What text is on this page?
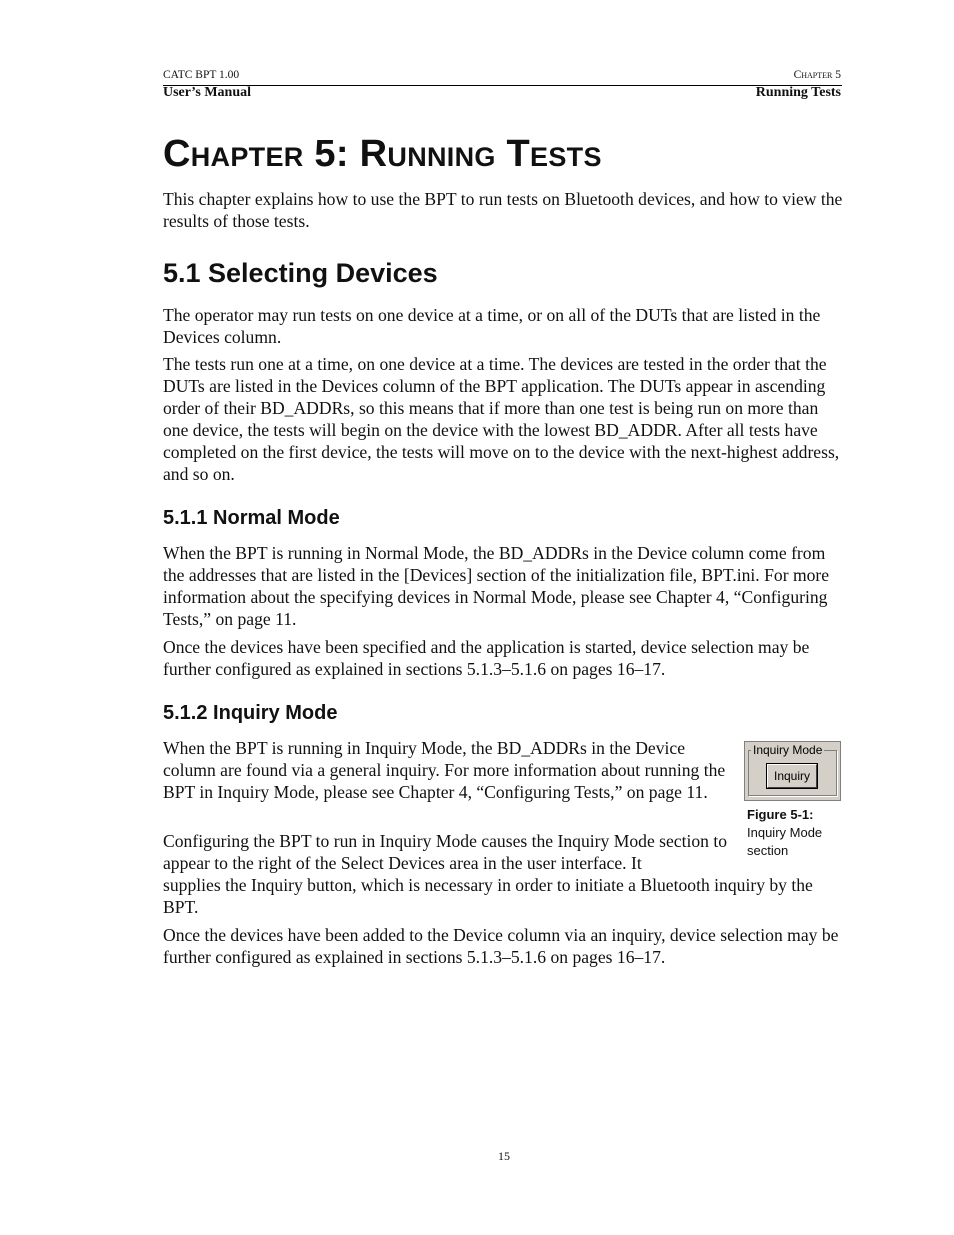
CATC BPT 1.00
User’s Manual
Chapter 5
Running Tests
Chapter 5: Running Tests

This chapter explains how to use the BPT to run tests on Bluetooth devices, and how to view the results of those tests.

5.1 Selecting Devices

The operator may run tests on one device at a time, or on all of the DUTs that are listed in the Devices column.

The tests run one at a time, on one device at a time. The devices are tested in the order that the DUTs are listed in the Devices column of the BPT application. The DUTs appear in ascending order of their BD_ADDRs, so this means that if more than one test is being run on more than one device, the tests will begin on the device with the lowest BD_ADDR. After all tests have completed on the first device, the tests will move on to the device with the next-highest address, and so on.

5.1.1 Normal Mode

When the BPT is running in Normal Mode, the BD_ADDRs in the Device column come from the addresses that are listed in the [Devices] section of the initialization file, BPT.ini. For more information about the specifying devices in Normal Mode, please see Chapter 4, “Configuring Tests,” on page 11.

Once the devices have been specified and the application is started, device selection may be further configured as explained in sections 5.1.3–5.1.6 on pages 16–17.

5.1.2 Inquiry Mode

When the BPT is running in Inquiry Mode, the BD_ADDRs in the Device column are found via a general inquiry. For more information about running the BPT in Inquiry Mode, please see Chapter 4, “Configuring Tests,” on page 11.

Configuring the BPT to run in Inquiry Mode causes the Inquiry Mode section to appear to the right of the Select Devices area in the user interface. It

supplies the Inquiry button, which is necessary in order to initiate a Bluetooth inquiry by the BPT.

Once the devices have been added to the Device column via an inquiry, device selection may be further configured as explained in sections 5.1.3–5.1.6 on pages 16–17.

Inquiry Mode
Inquiry
Figure 5-1:
Inquiry Mode section
15
